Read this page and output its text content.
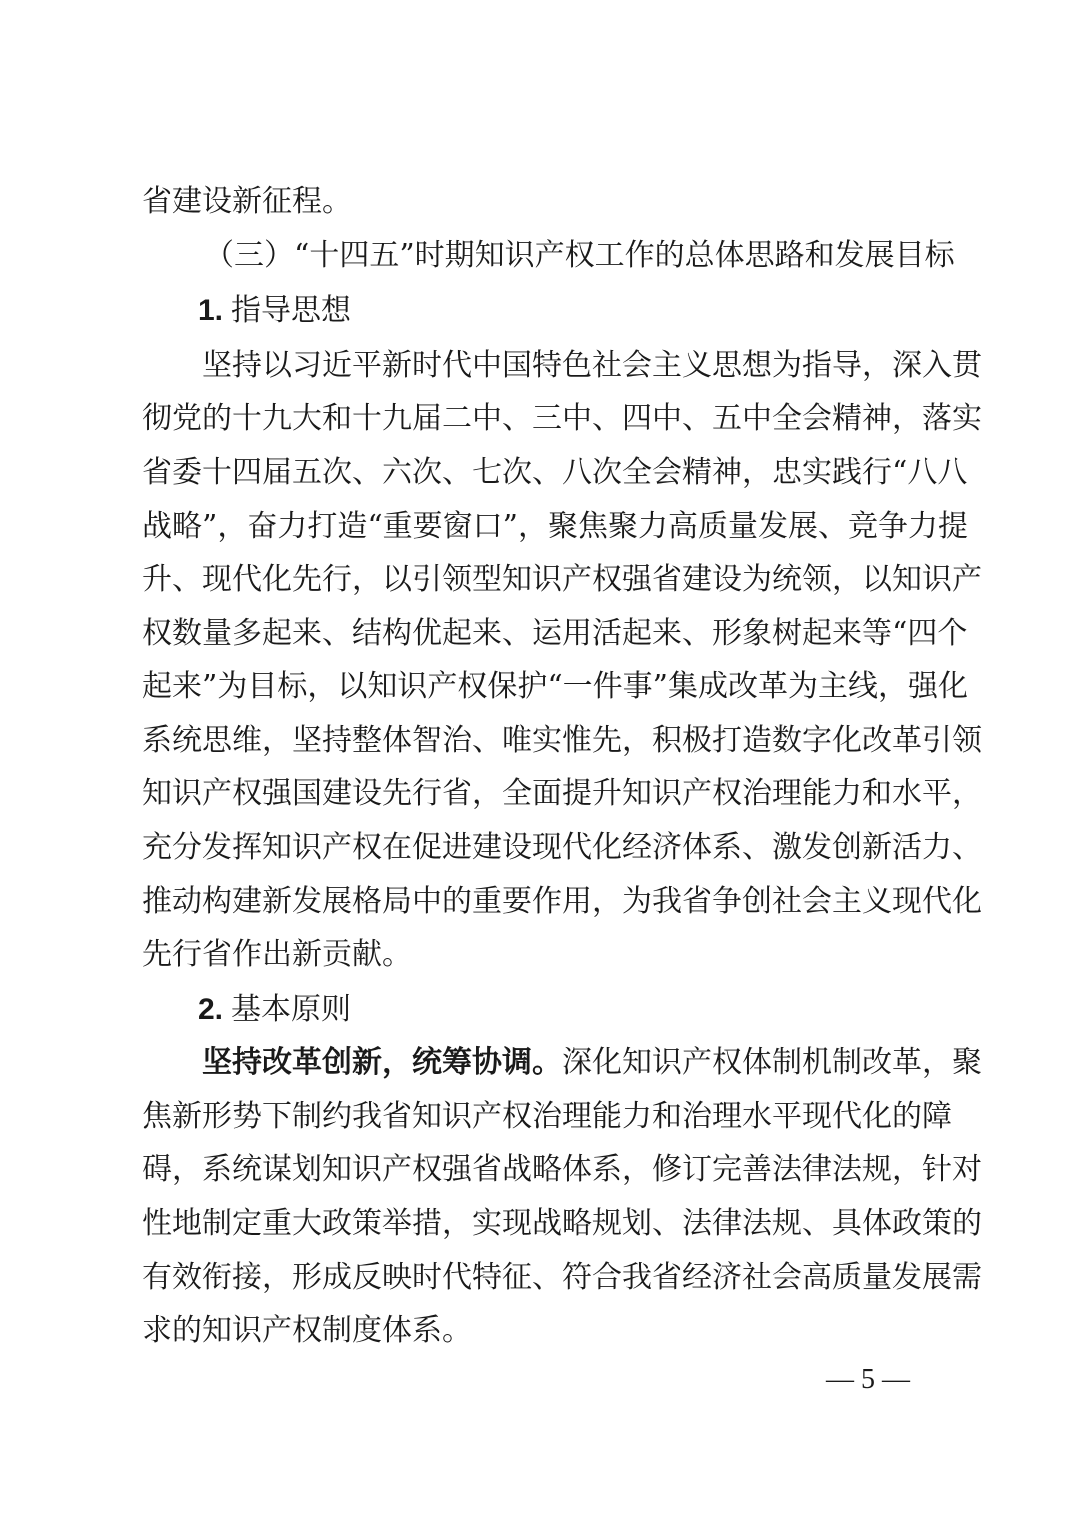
省建设新征程。
（三）“十四五”时期知识产权工作的总体思路和发展目标
1. 指导思想
坚持以习近平新时代中国特色社会主义思想为指导，深入贯
彻党的十九大和十九届二中、三中、四中、五中全会精神，落实
省委十四届五次、六次、七次、八次全会精神，忠实践行“八八
战略”，奋力打造“重要窗口”，聚焦聚力高质量发展、竞争力提
升、现代化先行，以引领型知识产权强省建设为统领，以知识产
权数量多起来、结构优起来、运用活起来、形象树起来等“四个
起来”为目标，以知识产权保护“一件事”集成改革为主线，强化
系统思维，坚持整体智治、唯实惟先，积极打造数字化改革引领
知识产权强国建设先行省，全面提升知识产权治理能力和水平，
充分发挥知识产权在促进建设现代化经济体系、激发创新活力、
推动构建新发展格局中的重要作用，为我省争创社会主义现代化
先行省作出新贡献。
2. 基本原则
坚持改革创新，统筹协调。深化知识产权体制机制改革，聚
焦新形势下制约我省知识产权治理能力和治理水平现代化的障
碍，系统谋划知识产权强省战略体系，修订完善法律法规，针对
性地制定重大政策举措，实现战略规划、法律法规、具体政策的
有效衔接，形成反映时代特征、符合我省经济社会高质量发展需
求的知识产权制度体系。
— 5 —
